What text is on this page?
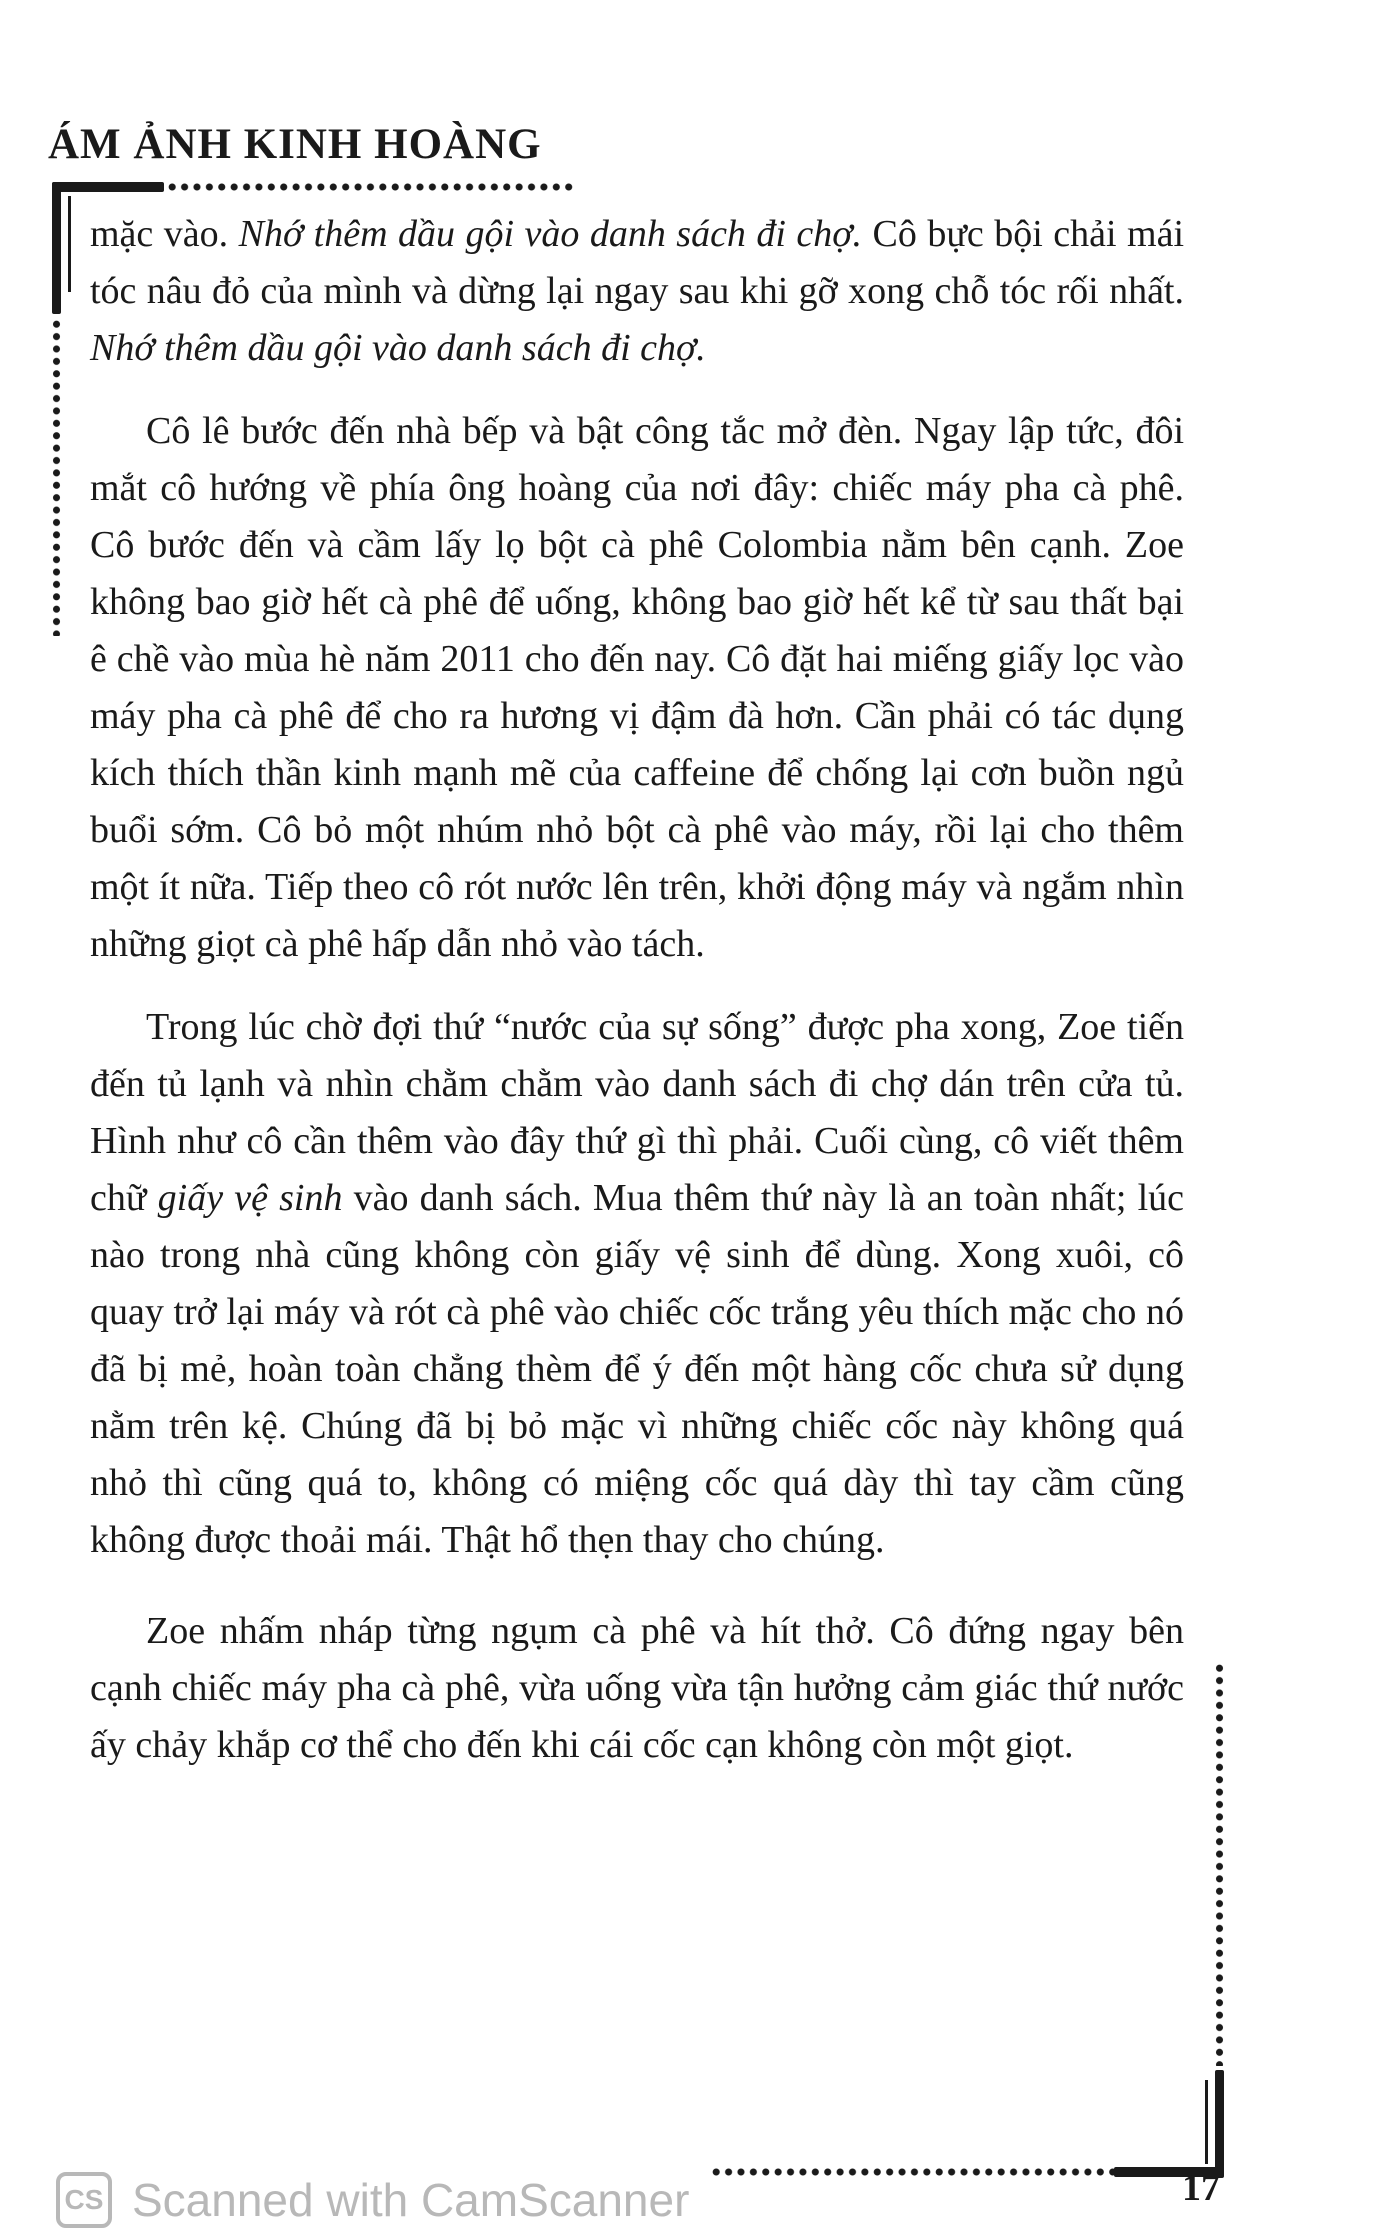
ÁM ẢNH KINH HOÀNG

mặc vào. Nhớ thêm dầu gội vào danh sách đi chợ. Cô bực bội chải mái tóc nâu đỏ của mình và dừng lại ngay sau khi gỡ xong chỗ tóc rối nhất. Nhớ thêm dầu gội vào danh sách đi chợ.

Cô lê bước đến nhà bếp và bật công tắc mở đèn. Ngay lập tức, đôi mắt cô hướng về phía ông hoàng của nơi đây: chiếc máy pha cà phê. Cô bước đến và cầm lấy lọ bột cà phê Colombia nằm bên cạnh. Zoe không bao giờ hết cà phê để uống, không bao giờ hết kể từ sau thất bại ê chề vào mùa hè năm 2011 cho đến nay. Cô đặt hai miếng giấy lọc vào máy pha cà phê để cho ra hương vị đậm đà hơn. Cần phải có tác dụng kích thích thần kinh mạnh mẽ của caffeine để chống lại cơn buồn ngủ buổi sớm. Cô bỏ một nhúm nhỏ bột cà phê vào máy, rồi lại cho thêm một ít nữa. Tiếp theo cô rót nước lên trên, khởi động máy và ngắm nhìn những giọt cà phê hấp dẫn nhỏ vào tách.

Trong lúc chờ đợi thứ “nước của sự sống” được pha xong, Zoe tiến đến tủ lạnh và nhìn chằm chằm vào danh sách đi chợ dán trên cửa tủ. Hình như cô cần thêm vào đây thứ gì thì phải. Cuối cùng, cô viết thêm chữ giấy vệ sinh vào danh sách. Mua thêm thứ này là an toàn nhất; lúc nào trong nhà cũng không còn giấy vệ sinh để dùng. Xong xuôi, cô quay trở lại máy và rót cà phê vào chiếc cốc trắng yêu thích mặc cho nó đã bị mẻ, hoàn toàn chẳng thèm để ý đến một hàng cốc chưa sử dụng nằm trên kệ. Chúng đã bị bỏ mặc vì những chiếc cốc này không quá nhỏ thì cũng quá to, không có miệng cốc quá dày thì tay cầm cũng không được thoải mái. Thật hổ thẹn thay cho chúng.

Zoe nhấm nháp từng ngụm cà phê và hít thở. Cô đứng ngay bên cạnh chiếc máy pha cà phê, vừa uống vừa tận hưởng cảm giác thứ nước ấy chảy khắp cơ thể cho đến khi cái cốc cạn không còn một giọt.

17
CS Scanned with CamScanner
